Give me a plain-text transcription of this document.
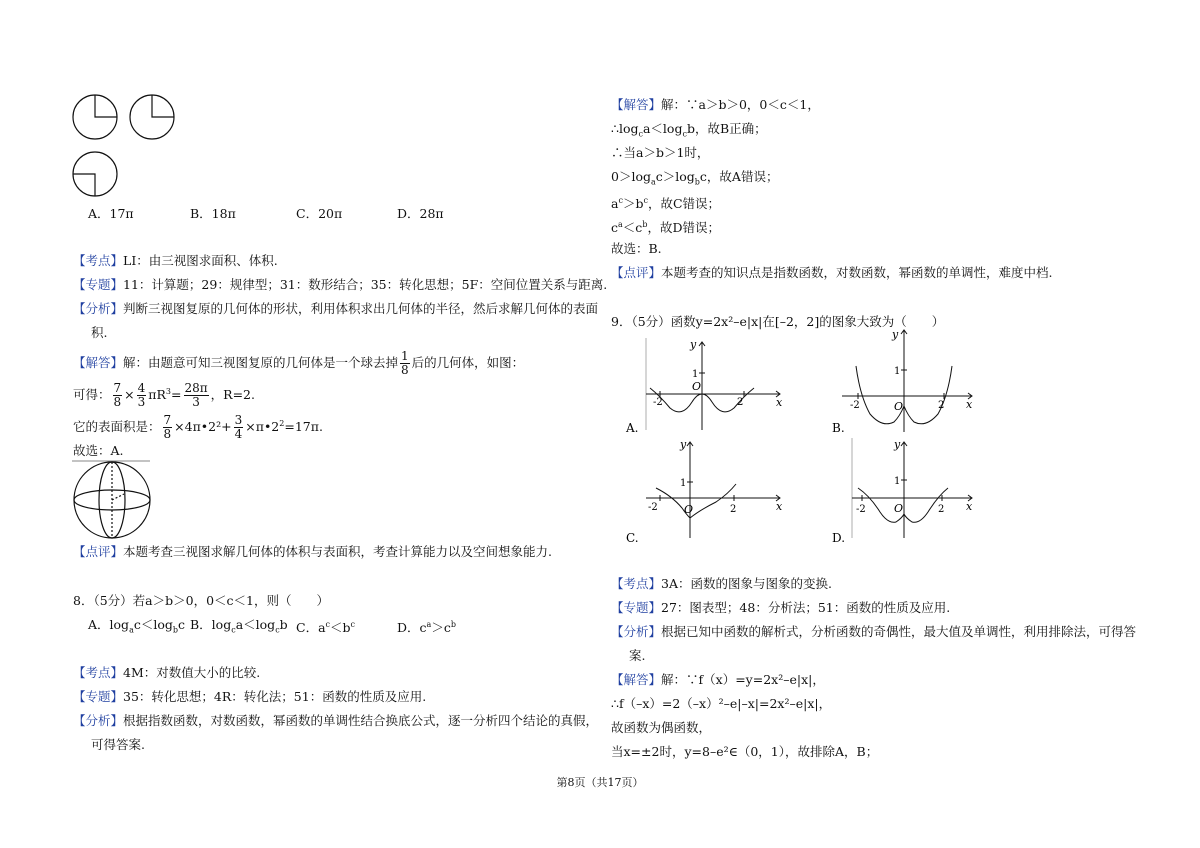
A．17π	B．18π	C．20π	D．28π
【考点】LI：由三视图求面积、体积.
【专题】11：计算题；29：规律型；31：数形结合；35：转化思想；5F：空间位置关系与距离.
【分析】判断三视图复原的几何体的形状，利用体积求出几何体的半径，然后求解几何体的表面
积.
【解答】解：由题意可知三视图复原的几何体是一个球去掉 $\frac{1}{8}$ 后的几何体，如图：
可得： $\frac{7}{8} \times \frac{4}{3} \pi R^3= \frac{28\pi}{3}$ ，R=2.
它的表面积是： $\frac{7}{8}$ ×4π•2²+ $\frac{3}{4}$ $\times\pi•2^2=17\pi$.
故选：A.
【点评】本题考查三视图求解几何体的体积与表面积，考查计算能力以及空间想象能力.
8．（5分）若a＞b＞0，0＜c＜1，则（　　）
A．$\log_ac<\log_bc$ B．$\log_ca<\log_cb$ C．$a^c<b^c$	D．$c^a>c^b$
【考点】4M：对数值大小的比较.
【专题】35：转化思想；4R：转化法；51：函数的性质及应用.
【分析】根据指数函数，对数函数，幂函数的单调性结合换底公式，逐一分析四个结论的真假，
可得答案.
【解答】解：∵a＞b＞0，0＜c＜1，
$\therefore\log_ca<\log_cb$，故B正确；
∴当a＞b＞1时，
$0>\log_ac>\log_bc$，故A错误；
$a^c>b^c$，故C错误；
$c^a<c^b$，故D错误；
故选：B.
【点评】本题考查的知识点是指数函数，对数函数，幂函数的单调性，难度中档.
9．（5分）函数y=2x²–e|x|在[–2，2]的图象大致为（　　）
y
x
1
-2	2
O
A.
y
x
1
-2	2
O
B.
y
x
1
-2	2
O
C.
y
x
1
-2	2
O
D.
【考点】3A：函数的图象与图象的变换.
【专题】27：图表型；48：分析法；51：函数的性质及应用.
【分析】根据已知中函数的解析式，分析函数的奇偶性，最大值及单调性，利用排除法，可得答
案.
【解答】解：∵f（x）=y=2x²–e|x|，
∴f（–x）=2（–x）²–e|–x|=2x²–e|x|，
故函数为偶函数，
当x=±2时，y=8–e²∈（0，1），故排除A，B；
第8页（共17页）
